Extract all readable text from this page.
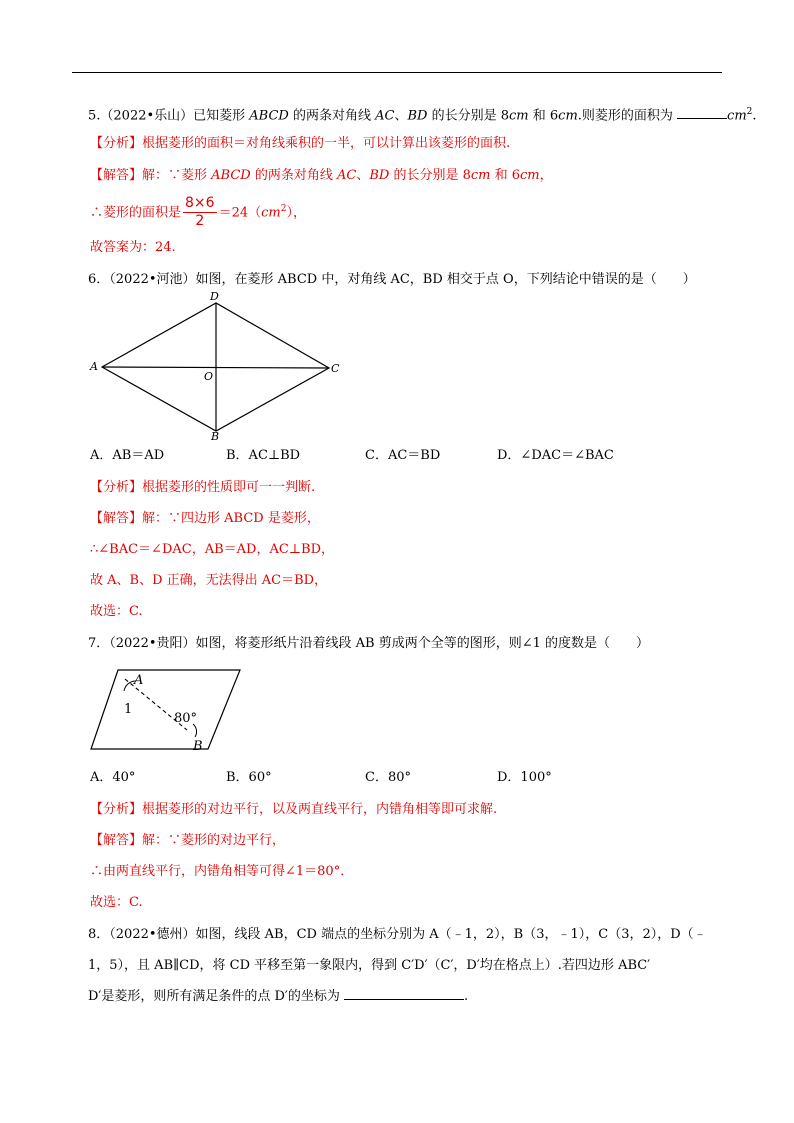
5.（2022•乐山）已知菱形 ABCD 的两条对角线 AC、BD 的长分别是 8cm 和 6cm.则菱形的面积为	$cm^2$.
【分析】根据菱形的面积＝对角线乘积的一半，可以计算出该菱形的面积.
【解答】解：∵菱形 ABCD 的两条对角线 AC、BD 的长分别是 8cm 和 6cm，
∴菱形的面积是 $\frac{8\times 6}{2} =24(cm^2)$，
故答案为：24.
6．（2022•河池）如图，在菱形 ABCD 中，对角线 AC，BD 相交于点 O，下列结论中错误的是（　　）
A
D
C
B
O
A．AB＝AD	B．AC⊥BD	C．AC＝BD	D．∠DAC＝∠BAC
【分析】根据菱形的性质即可一一判断.
【解答】解：∵四边形 ABCD 是菱形，
∴∠BAC＝∠DAC，AB＝AD，AC⊥BD，
故 A、B、D 正确，无法得出 AC＝BD，
故选：C.
7．（2022•贵阳）如图，将菱形纸片沿着线段 AB 剪成两个全等的图形，则∠1 的度数是（　　）
A
B
1
80°
A．40°	B．60°	C．80°	D．100°
【分析】根据菱形的对边平行，以及两直线平行，内错角相等即可求解.
【解答】解：∵菱形的对边平行，
∴由两直线平行，内错角相等可得∠1＝80°．
故选：C.
8．（2022•德州）如图，线段 AB，CD 端点的坐标分别为 A（﹣1，2），B（3，﹣1），C（3，2），D（﹣
1，5），且 AB∥CD，将 CD 平移至第一象限内，得到 C′D′（C′，D′均在格点上）.若四边形 ABC′
D′是菱形，则所有满足条件的点 D′的坐标为	.
